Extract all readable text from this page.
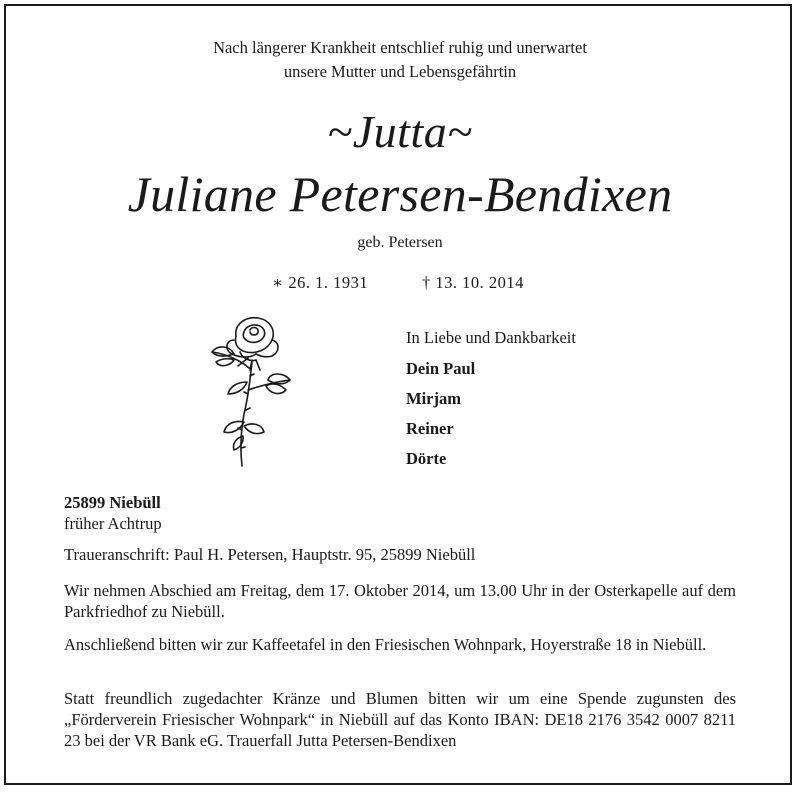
Nach längerer Krankheit entschlief ruhig und unerwartet
unsere Mutter und Lebensgefährtin
~Jutta~
Juliane Petersen-Bendixen
geb. Petersen
∗ 26. 1. 1931	† 13. 10. 2014
In Liebe und Dankbarkeit
Dein Paul
Mirjam
Reiner
Dörte
25899 Niebüll
früher Achtrup
Traueranschrift: Paul H. Petersen, Hauptstr. 95, 25899 Niebüll
Wir nehmen Abschied am Freitag, dem 17. Oktober 2014, um 13.00 Uhr in der Osterkapelle auf dem Parkfriedhof zu Niebüll.
Anschließend bitten wir zur Kaffeetafel in den Friesischen Wohnpark, Hoyerstraße 18 in Niebüll.
Statt freundlich zugedachter Kränze und Blumen bitten wir um eine Spende zugunsten des „Förderverein Friesischer Wohnpark“ in Niebüll auf das Konto IBAN: DE18 2176 3542 0007 8211 23 bei der VR Bank eG. Trauerfall Jutta Petersen-Bendixen
